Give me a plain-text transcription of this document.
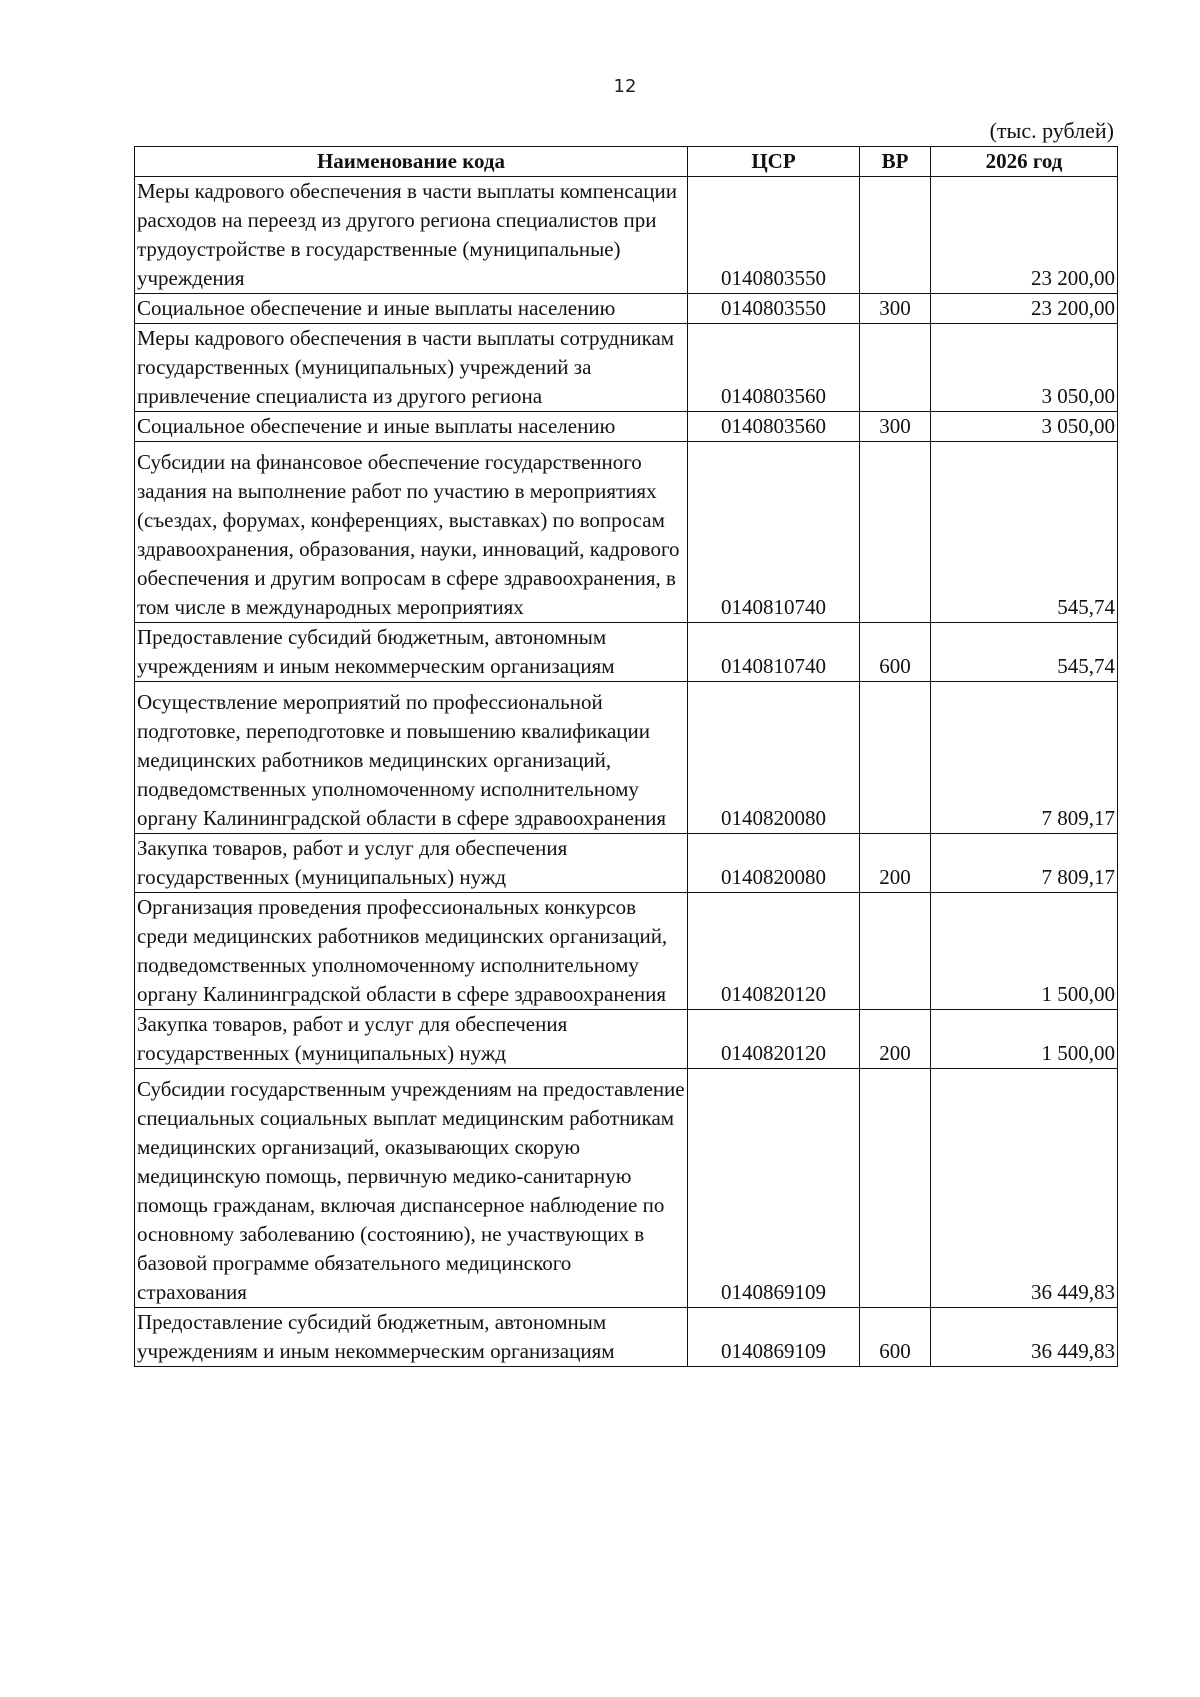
12
(тыс. рублей)
Наименование кода	ЦСР	ВР	2026 год

Меры кадрового обеспечения в части выплаты компенсации расходов на переезд из другого региона специалистов при трудоустройстве в государственные (муниципальные) учреждения	0140803550		23 200,00

Социальное обеспечение и иные выплаты населению	0140803550	300	23 200,00

Меры кадрового обеспечения в части выплаты сотрудникам государственных (муниципальных) учреждений за привлечение специалиста из другого региона	0140803560		3 050,00

Социальное обеспечение и иные выплаты населению	0140803560	300	3 050,00

Субсидии на финансовое обеспечение государственного задания на выполнение работ по участию в мероприятиях (съездах, форумах, конференциях, выставках) по вопросам здравоохранения, образования, науки, инноваций, кадрового обеспечения и другим вопросам в сфере здравоохранения, в том числе в международных мероприятиях	0140810740		545,74

Предоставление субсидий бюджетным, автономным учреждениям и иным некоммерческим организациям	0140810740	600	545,74

Осуществление мероприятий по профессиональной подготовке, переподготовке и повышению квалификации медицинских работников медицинских организаций, подведомственных уполномоченному исполнительному органу Калининградской области в сфере здравоохранения	0140820080		7 809,17

Закупка товаров, работ и услуг для обеспечения государственных (муниципальных) нужд	0140820080	200	7 809,17

Организация проведения профессиональных конкурсов среди медицинских работников медицинских организаций, подведомственных уполномоченному исполнительному органу Калининградской области в сфере здравоохранения	0140820120		1 500,00

Закупка товаров, работ и услуг для обеспечения государственных (муниципальных) нужд	0140820120	200	1 500,00

Субсидии государственным учреждениям на предоставление специальных социальных выплат медицинским работникам медицинских организаций, оказывающих скорую медицинскую помощь, первичную медико-санитарную помощь гражданам, включая диспансерное наблюдение по основному заболеванию (состоянию), не участвующих в базовой программе обязательного медицинского страхования	0140869109		36 449,83

Предоставление субсидий бюджетным, автономным учреждениям и иным некоммерческим организациям	0140869109	600	36 449,83
